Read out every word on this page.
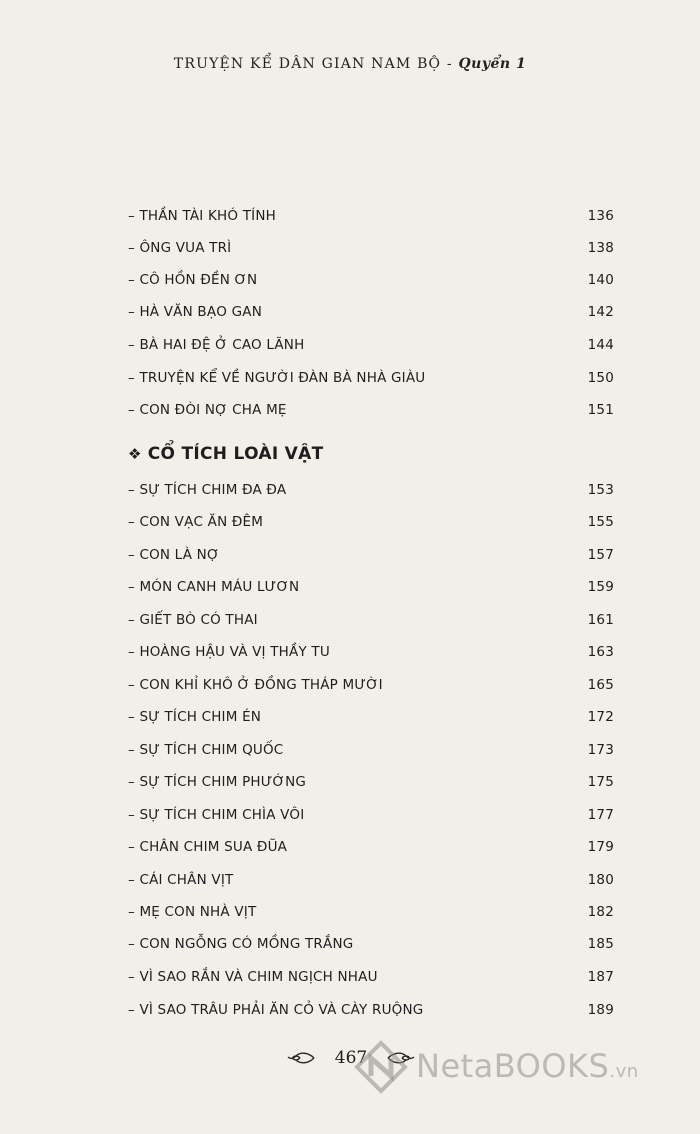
TRUYỆN KỂ DÂN GIAN NAM BỘ - Quyển 1
– THẦN TÀI KHÓ TÍNH	136
– ÔNG VUA TRÌ	138
– CÔ HỒN ĐỀN ƠN	140
– HÀ VĂN BẠO GAN	142
– BÀ HAI ĐỆ Ở CAO LÃNH	144
– TRUYỆN KỂ VỀ NGƯỜI ĐÀN BÀ NHÀ GIÀU	150
– CON ĐÒI NỢ CHA MẸ	151
❖ CỔ TÍCH LOÀI VẬT
– SỰ TÍCH CHIM ĐA ĐA	153
– CON VẠC ĂN ĐÊM	155
– CON LÀ NỢ	157
– MÓN CANH MÁU LƯƠN	159
– GIẾT BÒ CÓ THAI	161
– HOÀNG HẬU VÀ VỊ THẦY TU	163
– CON KHỈ KHÔ Ở ĐỒNG THÁP MƯỜI	165
– SỰ TÍCH CHIM ÉN	172
– SỰ TÍCH CHIM QUỐC	173
– SỰ TÍCH CHIM PHƯỚNG	175
– SỰ TÍCH CHIM CHÌA VÔI	177
– CHÂN CHIM SUA ĐŨA	179
– CÁI CHÂN VỊT	180
– MẸ CON NHÀ VỊT	182
– CON NGỖNG CÓ MỒNG TRẮNG	185
– VÌ SAO RẮN VÀ CHIM NGỊCH NHAU	187
– VÌ SAO TRÂU PHẢI ĂN CỎ VÀ CÀY RUỘNG	189
467	NetaBOOKS.vn
